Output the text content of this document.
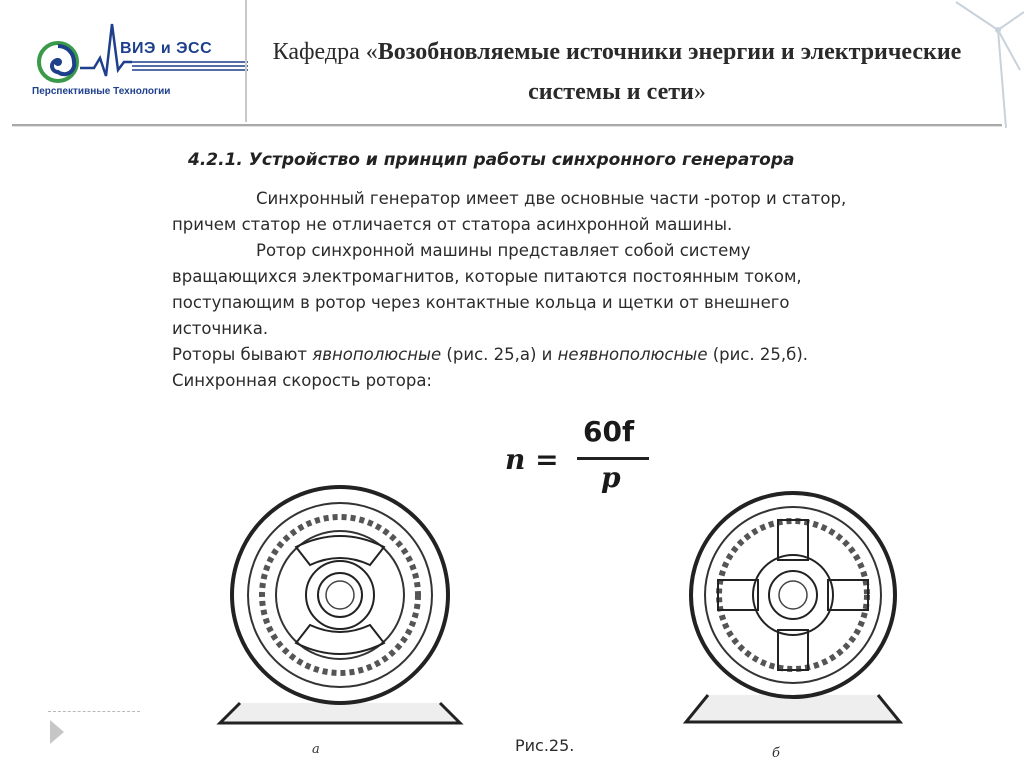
ВИЭ и ЭСС
Перспективные Технологии
Кафедра «Возобновляемые источники энергии и электрические системы и сети»
4.2.1. Устройство и принцип работы синхронного генератора

Синхронный генератор имеет две основные части -ротор и статор,

причем статор не отличается от статора асинхронной машины.

Ротор синхронной машины представляет собой систему

вращающихся электромагнитов, которые питаются постоянным током,

поступающим в ротор через контактные кольца и щетки от внешнего

источника.

Роторы бывают явнополюсные (рис. 25,а) и неявнополюсные (рис. 25,б).

Синхронная скорость ротора:

n =
60f
p
а	Рис.25.	б
